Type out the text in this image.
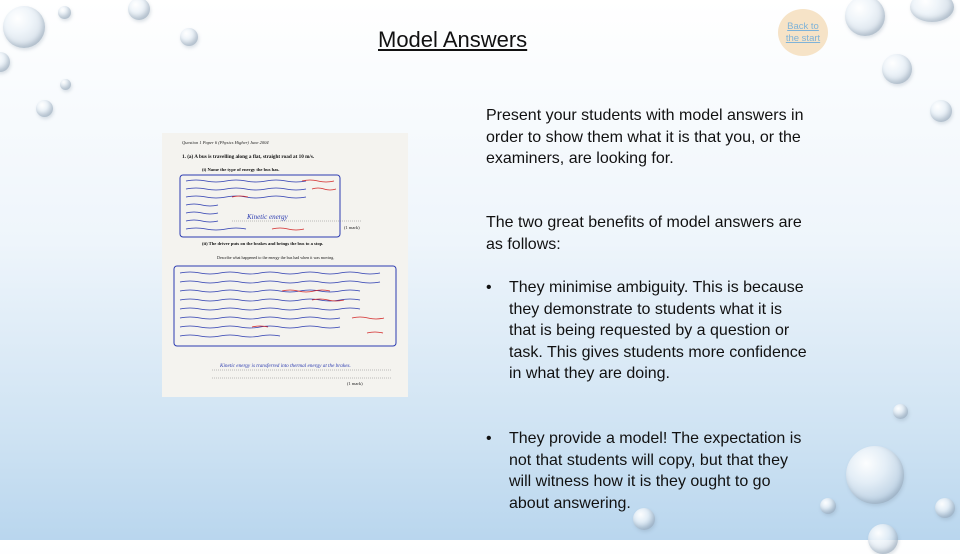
Model Answers
Back to the start
Question 1 Paper 6 (Physics Higher) June 2004
1. (a) A bus is travelling along a flat, straight road at 10 m/s.
(i) Name the type of energy the bus has.
Kinetic energy
(1 mark)
(ii) The driver puts on the brakes and brings the bus to a stop.
Describe what happened to the energy the bus had when it was moving.
Kinetic energy is transferred into thermal energy at the brakes.
(1 mark)

Present your students with model answers in order to show them what it is that you, or the examiners, are looking for.

The two great benefits of model answers are as follows:

•	They minimise ambiguity. This is because they demonstrate to students what it is that is being requested by a question or task. This gives students more confidence in what they are doing.
•	They provide a model! The expectation is not that students will copy, but that they will witness how it is they ought to go about answering.
